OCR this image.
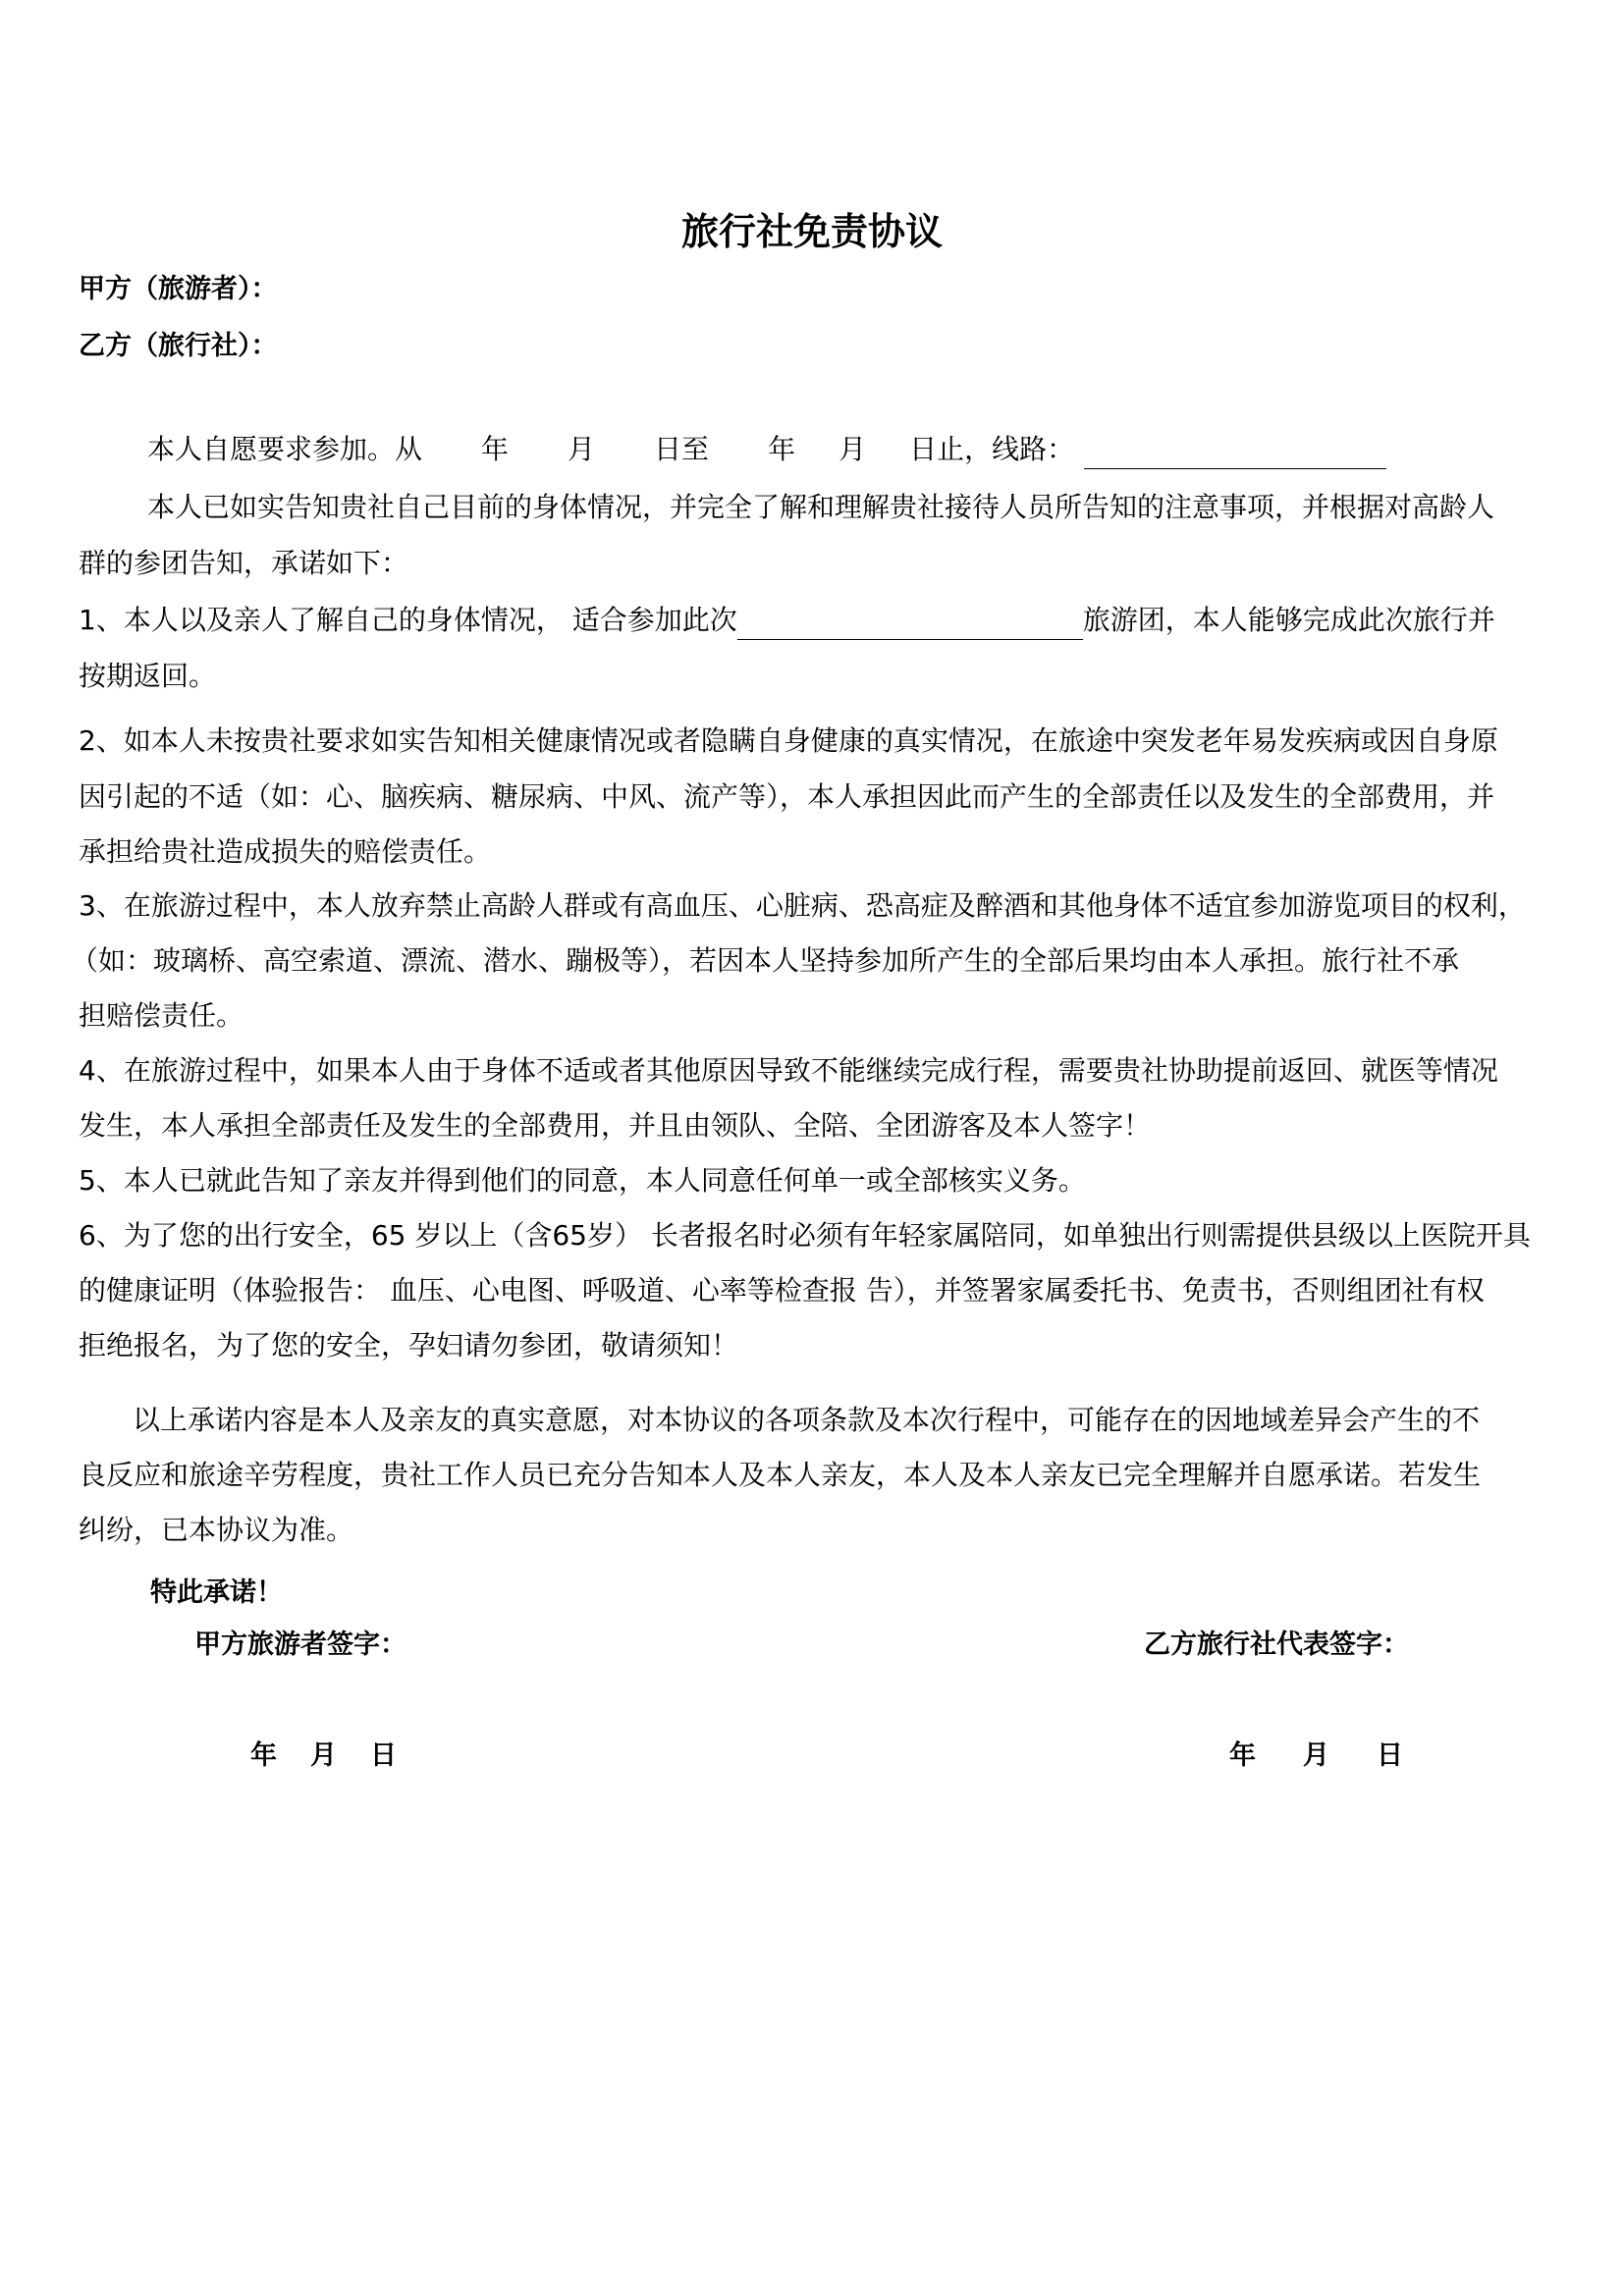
旅行社免责协议
甲方（旅游者）：
乙方（旅行社）：
本人自愿要求参加。从 年 月 日至 年 月 日止，线路：
本人已如实告知贵社自己目前的身体情况，并完全了解和理解贵社接待人员所告知的注意事项，并根据对高龄人
群的参团告知，承诺如下：
1、本人以及亲人了解自己的身体情况， 适合参加此次	旅游团，本人能够完成此次旅行并
按期返回。
2、如本人未按贵社要求如实告知相关健康情况或者隐瞒自身健康的真实情况，在旅途中突发老年易发疾病或因自身原
因引起的不适（如：心、脑疾病、糖尿病、中风、流产等），本人承担因此而产生的全部责任以及发生的全部费用，并
承担给贵社造成损失的赔偿责任。
3、在旅游过程中，本人放弃禁止高龄人群或有高血压、心脏病、恐高症及醉酒和其他身体不适宜参加游览项目的权利，
（如：玻璃桥、高空索道、漂流、潜水、蹦极等），若因本人坚持参加所产生的全部后果均由本人承担。旅行社不承
担赔偿责任。
4、在旅游过程中，如果本人由于身体不适或者其他原因导致不能继续完成行程，需要贵社协助提前返回、就医等情况
发生，本人承担全部责任及发生的全部费用，并且由领队、全陪、全团游客及本人签字！
5、本人已就此告知了亲友并得到他们的同意，本人同意任何单一或全部核实义务。
6、为了您的出行安全，65 岁以上（含65岁） 长者报名时必须有年轻家属陪同，如单独出行则需提供县级以上医院开具
的健康证明（体验报告： 血压、心电图、呼吸道、心率等检查报 告），并签署家属委托书、免责书，否则组团社有权
拒绝报名，为了您的安全，孕妇请勿参团，敬请须知！
以上承诺内容是本人及亲友的真实意愿，对本协议的各项条款及本次行程中，可能存在的因地域差异会产生的不
良反应和旅途辛劳程度，贵社工作人员已充分告知本人及本人亲友，本人及本人亲友已完全理解并自愿承诺。若发生
纠纷，已本协议为准。
特此承诺！
甲方旅游者签字：	乙方旅行社代表签字：
年 月 日	年 月 日
